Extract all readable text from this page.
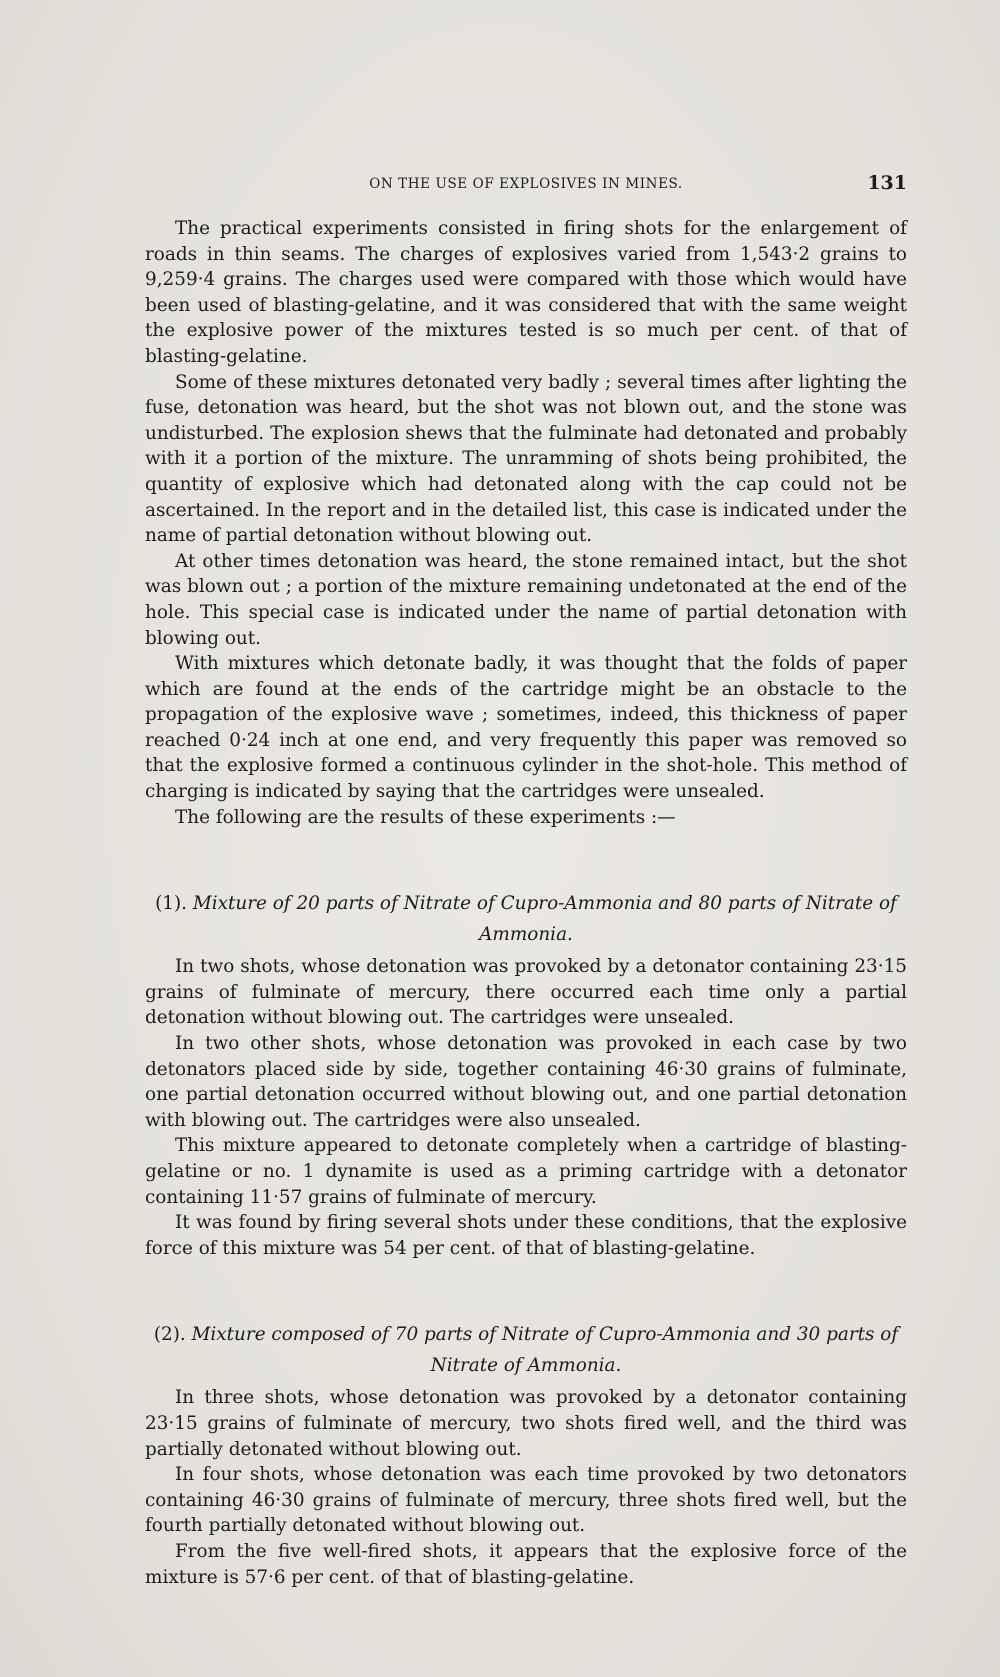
ON THE USE OF EXPLOSIVES IN MINES.	131

The practical experiments consisted in firing shots for the enlargement of roads in thin seams. The charges of explosives varied from 1,543·2 grains to 9,259·4 grains. The charges used were compared with those which would have been used of blasting-gelatine, and it was considered that with the same weight the explosive power of the mixtures tested is so much per cent. of that of blasting-gelatine.

Some of these mixtures detonated very badly ; several times after lighting the fuse, detonation was heard, but the shot was not blown out, and the stone was undisturbed. The explosion shews that the fulminate had detonated and probably with it a portion of the mixture. The unramming of shots being prohibited, the quantity of explosive which had detonated along with the cap could not be ascertained. In the report and in the detailed list, this case is indicated under the name of partial detonation without blowing out.

At other times detonation was heard, the stone remained intact, but the shot was blown out ; a portion of the mixture remaining undetonated at the end of the hole. This special case is indicated under the name of partial detonation with blowing out.

With mixtures which detonate badly, it was thought that the folds of paper which are found at the ends of the cartridge might be an obstacle to the propagation of the explosive wave ; sometimes, indeed, this thickness of paper reached 0·24 inch at one end, and very frequently this paper was removed so that the explosive formed a continuous cylinder in the shot-hole. This method of charging is indicated by saying that the cartridges were unsealed.

The following are the results of these experiments :—

(1). Mixture of 20 parts of Nitrate of Cupro-Ammonia and 80 parts of Nitrate of Ammonia.

In two shots, whose detonation was provoked by a detonator containing 23·15 grains of fulminate of mercury, there occurred each time only a partial detonation without blowing out. The cartridges were unsealed.

In two other shots, whose detonation was provoked in each case by two detonators placed side by side, together containing 46·30 grains of fulminate, one partial detonation occurred without blowing out, and one partial detonation with blowing out. The cartridges were also unsealed.

This mixture appeared to detonate completely when a cartridge of blasting-gelatine or no. 1 dynamite is used as a priming cartridge with a detonator containing 11·57 grains of fulminate of mercury.

It was found by firing several shots under these conditions, that the explosive force of this mixture was 54 per cent. of that of blasting-gelatine.

(2). Mixture composed of 70 parts of Nitrate of Cupro-Ammonia and 30 parts of Nitrate of Ammonia.

In three shots, whose detonation was provoked by a detonator containing 23·15 grains of fulminate of mercury, two shots fired well, and the third was partially detonated without blowing out.

In four shots, whose detonation was each time provoked by two detonators containing 46·30 grains of fulminate of mercury, three shots fired well, but the fourth partially detonated without blowing out.

From the five well-fired shots, it appears that the explosive force of the mixture is 57·6 per cent. of that of blasting-gelatine.
